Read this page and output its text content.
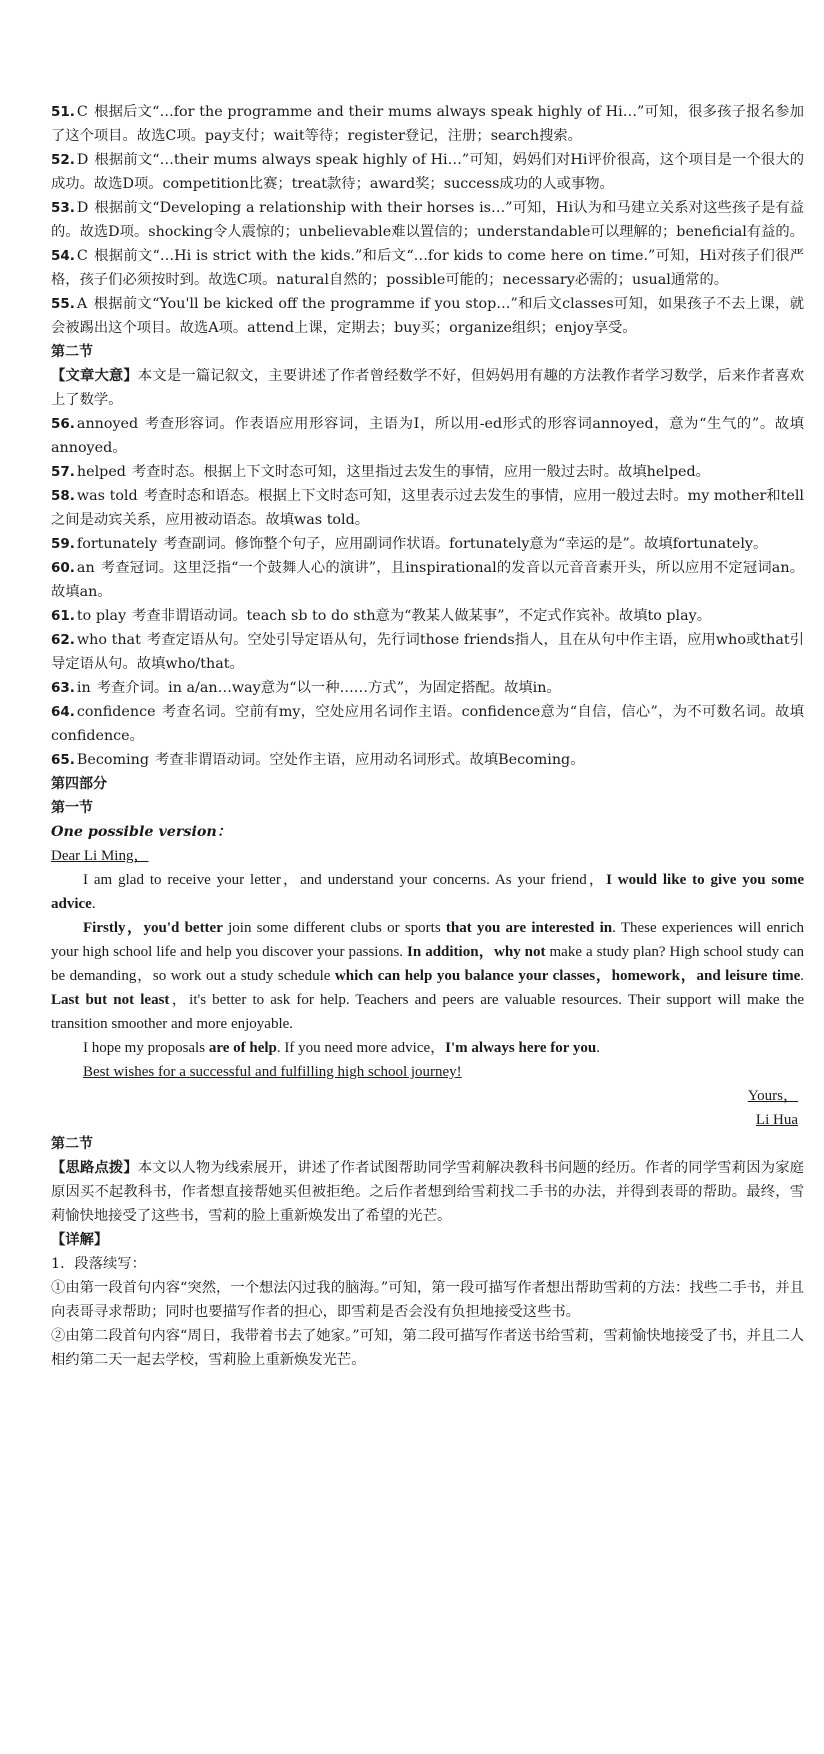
51. C 根据后文“…for the programme and their mums always speak highly of Hi…”可知，很多孩子报名参加了这个项目。故选C项。pay支付；wait等待；register登记，注册；search搜索。

52. D 根据前文“…their mums always speak highly of Hi…”可知，妈妈们对Hi评价很高，这个项目是一个很大的成功。故选D项。competition比赛；treat款待；award奖；success成功的人或事物。

53. D 根据前文“Developing a relationship with their horses is…”可知，Hi认为和马建立关系对这些孩子是有益的。故选D项。shocking令人震惊的；unbelievable难以置信的；understandable可以理解的；beneficial有益的。

54. C 根据前文“…Hi is strict with the kids.”和后文“…for kids to come here on time.”可知，Hi对孩子们很严格，孩子们必须按时到。故选C项。natural自然的；possible可能的；necessary必需的；usual通常的。

55. A 根据前文“You'll be kicked off the programme if you stop…”和后文classes可知，如果孩子不去上课，就会被踢出这个项目。故选A项。attend上课，定期去；buy买；organize组织；enjoy享受。

第二节

【文章大意】本文是一篇记叙文，主要讲述了作者曾经数学不好，但妈妈用有趣的方法教作者学习数学，后来作者喜欢上了数学。

56. annoyed 考查形容词。作表语应用形容词，主语为I，所以用-ed形式的形容词annoyed，意为“生气的”。故填annoyed。

57. helped 考查时态。根据上下文时态可知，这里指过去发生的事情，应用一般过去时。故填helped。

58. was told 考查时态和语态。根据上下文时态可知，这里表示过去发生的事情，应用一般过去时。my mother和tell之间是动宾关系，应用被动语态。故填was told。

59. fortunately 考查副词。修饰整个句子，应用副词作状语。fortunately意为“幸运的是”。故填fortunately。

60. an 考查冠词。这里泛指“一个鼓舞人心的演讲”，且inspirational的发音以元音音素开头，所以应用不定冠词an。故填an。

61. to play 考查非谓语动词。teach sb to do sth意为“教某人做某事”，不定式作宾补。故填to play。

62. who that 考查定语从句。空处引导定语从句，先行词those friends指人，且在从句中作主语，应用who或that引导定语从句。故填who/that。

63. in 考查介词。in a/an…way意为“以一种……方式”，为固定搭配。故填in。

64. confidence 考查名词。空前有my，空处应用名词作主语。confidence意为“自信，信心”，为不可数名词。故填confidence。

65. Becoming 考查非谓语动词。空处作主语，应用动名词形式。故填Becoming。

第四部分

第一节

One possible version：

Dear Li Ming，

I am glad to receive your letter，and understand your concerns. As your friend，I would like to give you some advice.

Firstly，you'd better join some different clubs or sports that you are interested in. These experiences will enrich your high school life and help you discover your passions. In addition，why not make a study plan? High school study can be demanding，so work out a study schedule which can help you balance your classes，homework，and leisure time. Last but not least，it's better to ask for help. Teachers and peers are valuable resources. Their support will make the transition smoother and more enjoyable.

I hope my proposals are of help. If you need more advice，I'm always here for you.

Best wishes for a successful and fulfilling high school journey!

Yours，

Li Hua

第二节

【思路点拨】本文以人物为线索展开，讲述了作者试图帮助同学雪莉解决教科书问题的经历。作者的同学雪莉因为家庭原因买不起教科书，作者想直接帮她买但被拒绝。之后作者想到给雪莉找二手书的办法，并得到表哥的帮助。最终，雪莉愉快地接受了这些书，雪莉的脸上重新焕发出了希望的光芒。

【详解】

1．段落续写：

①由第一段首句内容“突然，一个想法闪过我的脑海。”可知，第一段可描写作者想出帮助雪莉的方法：找些二手书，并且向表哥寻求帮助；同时也要描写作者的担心，即雪莉是否会没有负担地接受这些书。

②由第二段首句内容“周日，我带着书去了她家。”可知，第二段可描写作者送书给雪莉，雪莉愉快地接受了书，并且二人相约第二天一起去学校，雪莉脸上重新焕发光芒。
